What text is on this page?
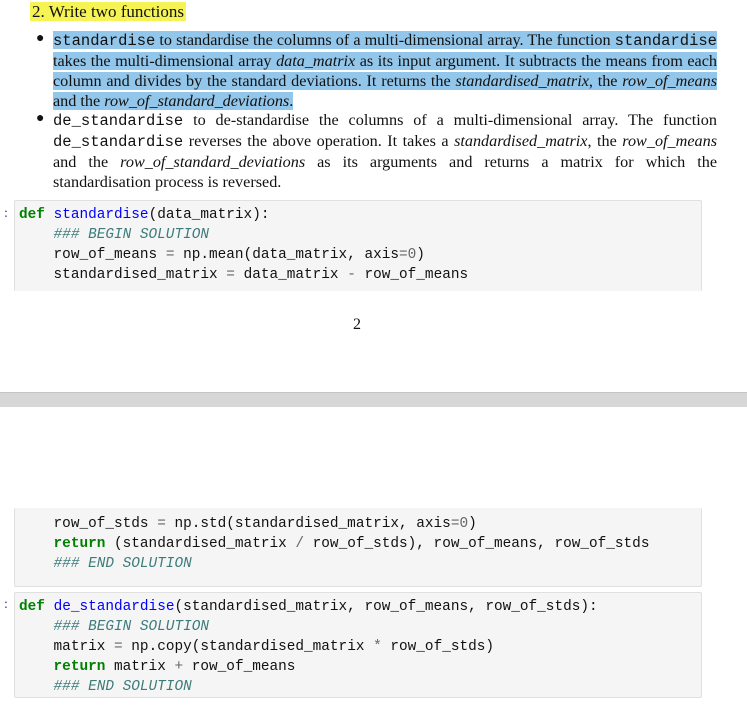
2. Write two functions
● standardise to standardise the columns of a multi-dimensional array. The function standardise takes the multi-dimensional array data_matrix as its input argument. It subtracts the means from each column and divides by the standard deviations. It returns the standardised_matrix, the row_of_means and the row_of_standard_deviations.
● de_standardise to de-standardise the columns of a multi-dimensional array. The function de_standardise reverses the above operation. It takes a standardised_matrix, the row_of_means and the row_of_standard_deviations as its arguments and returns a matrix for which the standardisation process is reversed.
: def standardise(data_matrix):
### BEGIN SOLUTION
row_of_means = np.mean(data_matrix, axis=0)
standardised_matrix = data_matrix - row_of_means
2
row_of_stds = np.std(standardised_matrix, axis=0)
return (standardised_matrix / row_of_stds), row_of_means, row_of_stds
### END SOLUTION
: def de_standardise(standardised_matrix, row_of_means, row_of_stds):
### BEGIN SOLUTION
matrix = np.copy(standardised_matrix * row_of_stds)
return matrix + row_of_means
### END SOLUTION
